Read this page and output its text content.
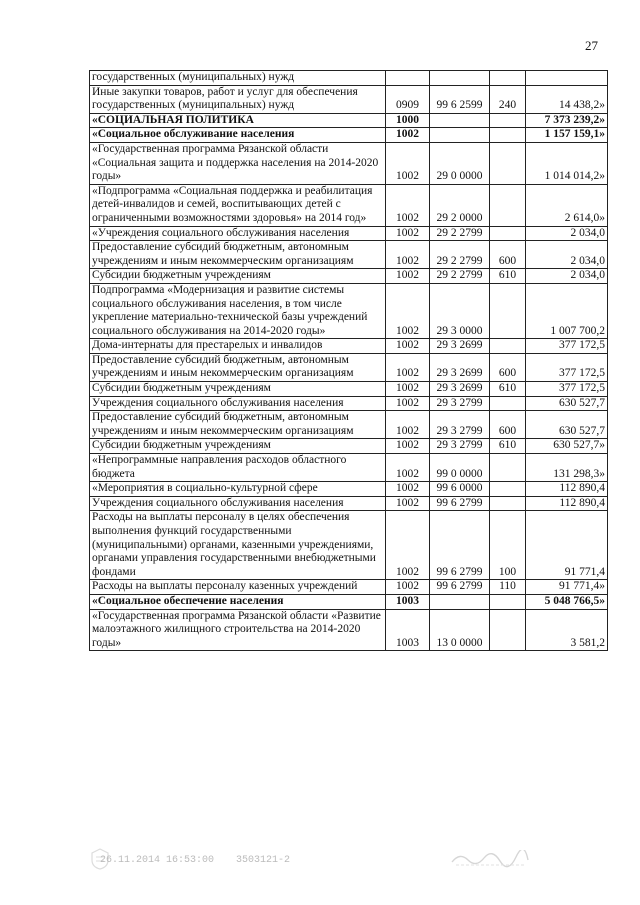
27
государственных (муниципальных) нужд				
Иные закупки товаров, работ и услуг для обеспечения государственных (муниципальных) нужд	0909	99 6 2599	240	14 438,2»
«СОЦИАЛЬНАЯ ПОЛИТИКА	1000			7 373 239,2»
«Социальное обслуживание населения	1002			1 157 159,1»
«Государственная программа Рязанской области «Социальная защита и поддержка населения на 2014-2020 годы»	1002	29 0 0000		1 014 014,2»
«Подпрограмма «Социальная поддержка и реабилитация детей-инвалидов и семей, воспитывающих детей с ограниченными возможностями здоровья» на 2014 год»	1002	29 2 0000		2 614,0»
«Учреждения социального обслуживания населения	1002	29 2 2799		2 034,0
Предоставление субсидий бюджетным, автономным учреждениям и иным некоммерческим организациям	1002	29 2 2799	600	2 034,0
Субсидии бюджетным учреждениям	1002	29 2 2799	610	2 034,0
Подпрограмма «Модернизация и развитие системы социального обслуживания населения, в том числе укрепление материально-технической базы учреждений социального обслуживания на 2014-2020 годы»	1002	29 3 0000		1 007 700,2
Дома-интернаты для престарелых и инвалидов	1002	29 3 2699		377 172,5
Предоставление субсидий бюджетным, автономным учреждениям и иным некоммерческим организациям	1002	29 3 2699	600	377 172,5
Субсидии бюджетным учреждениям	1002	29 3 2699	610	377 172,5
Учреждения социального обслуживания населения	1002	29 3 2799		630 527,7
Предоставление субсидий бюджетным, автономным учреждениям и иным некоммерческим организациям	1002	29 3 2799	600	630 527,7
Субсидии бюджетным учреждениям	1002	29 3 2799	610	630 527,7»
«Непрограммные направления расходов областного бюджета	1002	99 0 0000		131 298,3»
«Мероприятия в социально-культурной сфере	1002	99 6 0000		112 890,4
Учреждения социального обслуживания населения	1002	99 6 2799		112 890,4
Расходы на выплаты персоналу в целях обеспечения выполнения функций государственными (муниципальными) органами, казенными учреждениями, органами управления государственными внебюджетными фондами	1002	99 6 2799	100	91 771,4
Расходы на выплаты персоналу казенных учреждений	1002	99 6 2799	110	91 771,4»
«Социальное обеспечение населения	1003			5 048 766,5»
«Государственная программа Рязанской области «Развитие малоэтажного жилищного строительства на 2014-2020 годы»	1003	13 0 0000		3 581,2
26.11.2014 16:53:00 3503121-2
